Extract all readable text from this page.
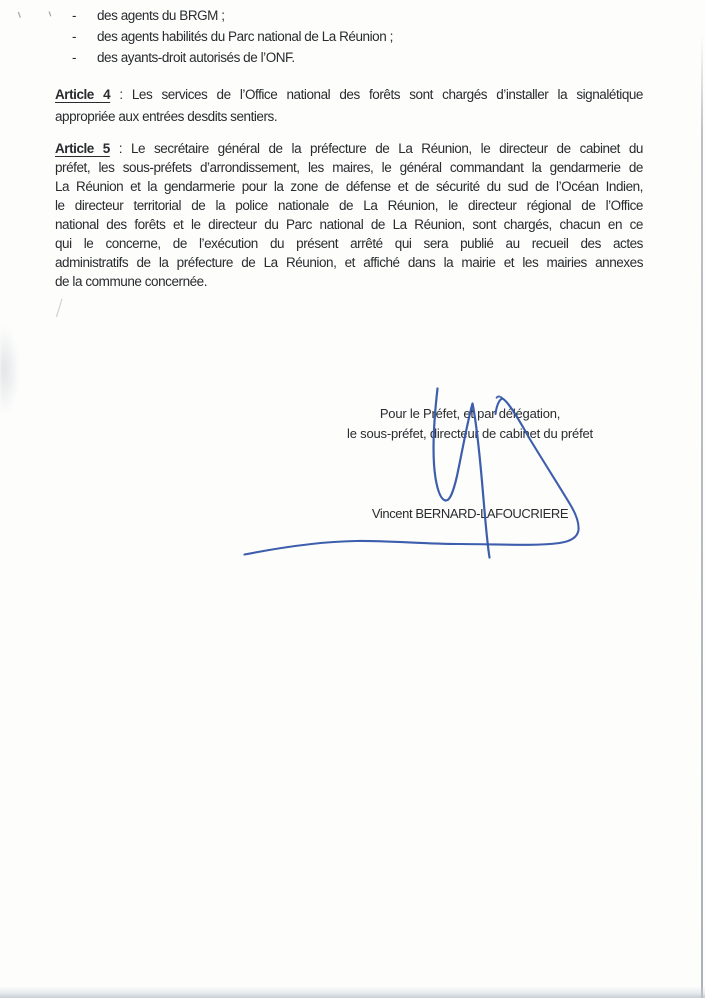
-	des agents du BRGM ;
-	des agents habilités du Parc national de La Réunion ;
-	des ayants-droit autorisés de l’ONF.
Article 4 : Les services de l’Office national des forêts sont chargés d’installer la signalétique
appropriée aux entrées desdits sentiers.
Article 5 : Le secrétaire général de la préfecture de La Réunion, le directeur de cabinet du
préfet, les sous-préfets d’arrondissement, les maires, le général commandant la gendarmerie de
La Réunion et la gendarmerie pour la zone de défense et de sécurité du sud de l’Océan Indien,
le directeur territorial de la police nationale de La Réunion, le directeur régional de l’Office
national des forêts et le directeur du Parc national de La Réunion, sont chargés, chacun en ce
qui le concerne, de l’exécution du présent arrêté qui sera publié au recueil des actes
administratifs de la préfecture de La Réunion, et affiché dans la mairie et les mairies annexes
de la commune concernée.
Pour le Préfet, et par délégation,
le sous-préfet, directeur de cabinet du préfet
Vincent BERNARD-LAFOUCRIERE
